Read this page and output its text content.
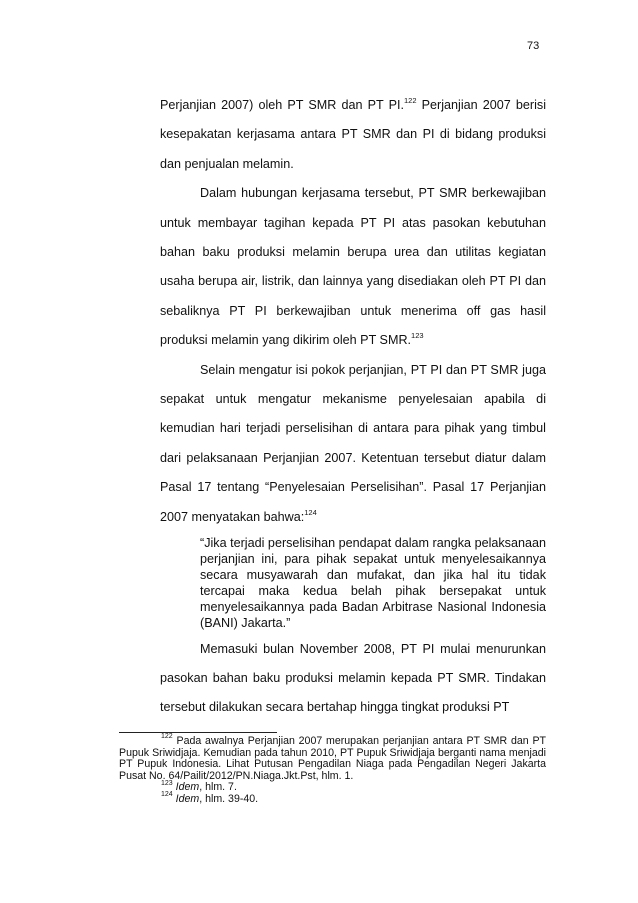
73

Perjanjian 2007) oleh PT SMR dan PT PI.$^{122}$ Perjanjian 2007 berisi kesepakatan kerjasama antara PT SMR dan PI di bidang produksi dan penjualan melamin.

Dalam hubungan kerjasama tersebut, PT SMR berkewajiban untuk membayar tagihan kepada PT PI atas pasokan kebutuhan bahan baku produksi melamin berupa urea dan utilitas kegiatan usaha berupa air, listrik, dan lainnya yang disediakan oleh PT PI dan sebaliknya PT PI berkewajiban untuk menerima off gas hasil produksi melamin yang dikirim oleh PT SMR.$^{123}$

Selain mengatur isi pokok perjanjian, PT PI dan PT SMR juga sepakat untuk mengatur mekanisme penyelesaian apabila di kemudian hari terjadi perselisihan di antara para pihak yang timbul dari pelaksanaan Perjanjian 2007. Ketentuan tersebut diatur dalam Pasal 17 tentang “Penyelesaian Perselisihan”. Pasal 17 Perjanjian 2007 menyatakan bahwa:$^{124}$

“Jika terjadi perselisihan pendapat dalam rangka pelaksanaan perjanjian ini, para pihak sepakat untuk menyelesaikannya secara musyawarah dan mufakat, dan jika hal itu tidak tercapai maka kedua belah pihak bersepakat untuk menyelesaikannya pada Badan Arbitrase Nasional Indonesia (BANI) Jakarta.”

Memasuki bulan November 2008, PT PI mulai menurunkan pasokan bahan baku produksi melamin kepada PT SMR. Tindakan tersebut dilakukan secara bertahap hingga tingkat produksi PT

$^{122}$ Pada awalnya Perjanjian 2007 merupakan perjanjian antara PT SMR dan PT Pupuk Sriwidjaja. Kemudian pada tahun 2010, PT Pupuk Sriwidjaja berganti nama menjadi PT Pupuk Indonesia. Lihat Putusan Pengadilan Niaga pada Pengadilan Negeri Jakarta Pusat No. 64/Pailit/2012/PN.Niaga.Jkt.Pst, hlm. 1.

$^{123}$ Idem, hlm. 7.

$^{124}$ Idem, hlm. 39-40.
